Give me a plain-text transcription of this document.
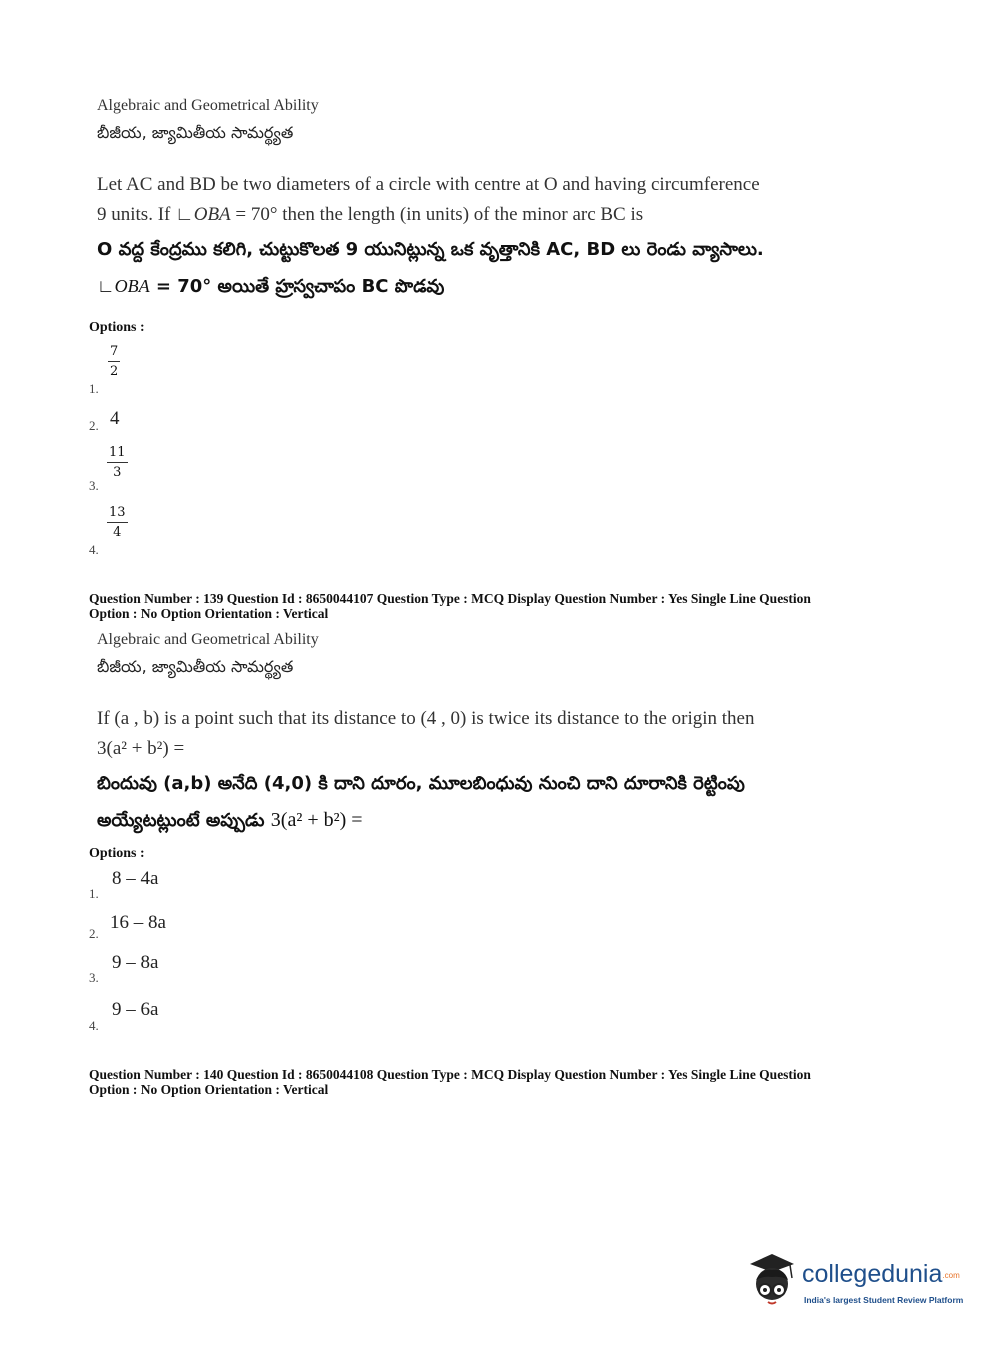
Algebraic and Geometrical Ability
బీజీయ, జ్యామితీయ సామర్థ్యత
Let AC and BD be two diameters of a circle with centre at O and having circumference
9 units. If ∟OBA = 70° then the length (in units) of the minor arc BC is
O వద్ద కేంద్రము కలిగి, చుట్టుకొలత 9 యునిట్లున్న ఒక వృత్తానికి AC, BD లు రెండు వ్యాసాలు.
∟OBA = 70° అయితే హ్రస్వచాపం BC పొడవు
Options :
$\frac{7}{2}$
1.
2. 4
$\frac{11}{3}$
3.
$\frac{13}{4}$
4.
Question Number : 139 Question Id : 8650044107 Question Type : MCQ Display Question Number : Yes Single Line Question
Option : No Option Orientation : Vertical
Algebraic and Geometrical Ability
బీజీయ, జ్యామితీయ సామర్థ్యత
If (a , b) is a point such that its distance to (4 , 0) is twice its distance to the origin then
3(a² + b²) =
బిందువు (a,b) అనేది (4,0) కి దాని దూరం, మూలబింధువు నుంచి దాని దూరానికి రెట్టింపు
అయ్యేటట్లుంటే అప్పుడు 3(a² + b²) =
Options :
1.
8 – 4a
2.
16 – 8a
3.
9 – 8a
4.
9 – 6a
Question Number : 140 Question Id : 8650044108 Question Type : MCQ Display Question Number : Yes Single Line Question
Option : No Option Orientation : Vertical
collegedunia.com
India's largest Student Review Platform
